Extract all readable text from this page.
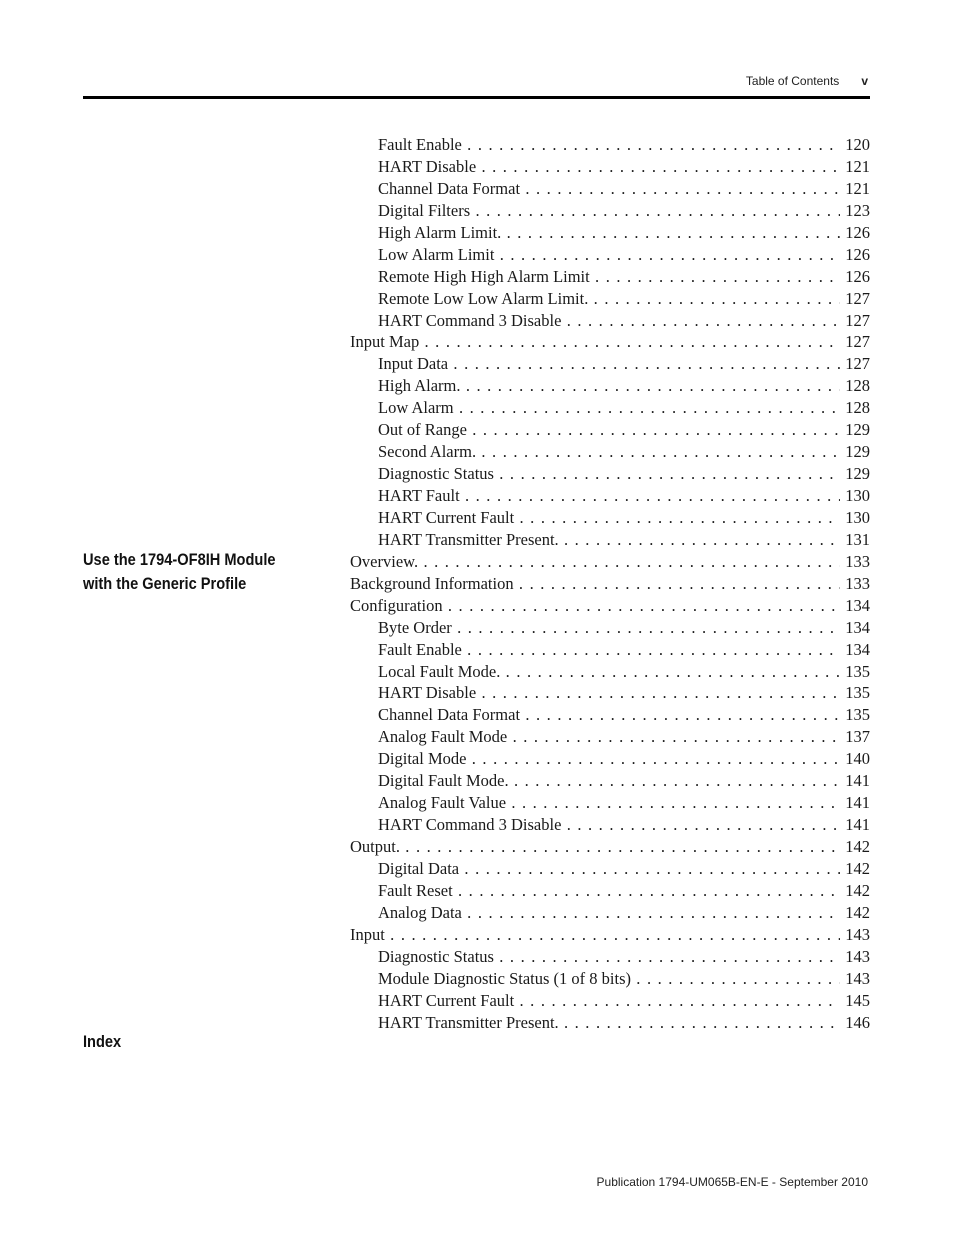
Table of Contents v
Use the 1794-OF8IH Module with the Generic Profile
Index
Fault Enable . . .	120
HART Disable . . .	121
Channel Data Format . . .	121
Digital Filters . . .	123
High Alarm Limit. . . .	126
Low Alarm Limit . . .	126
Remote High High Alarm Limit . . .	126
Remote Low Low Alarm Limit. . . .	127
HART Command 3 Disable . . .	127
Input Map . . .	127
Input Data . . .	127
High Alarm. . . .	128
Low Alarm . . .	128
Out of Range . . .	129
Second Alarm. . . .	129
Diagnostic Status . . .	129
HART Fault . . .	130
HART Current Fault . . .	130
HART Transmitter Present. . . .	131
Overview. . . .	133
Background Information . . .	133
Configuration . . .	134
Byte Order . . .	134
Fault Enable . . .	134
Local Fault Mode. . . .	135
HART Disable . . .	135
Channel Data Format . . .	135
Analog Fault Mode . . .	137
Digital Mode . . .	140
Digital Fault Mode. . . .	141
Analog Fault Value . . .	141
HART Command 3 Disable . . .	141
Output. . . .	142
Digital Data . . .	142
Fault Reset . . .	142
Analog Data . . .	142
Input . . .	143
Diagnostic Status . . .	143
Module Diagnostic Status (1 of 8 bits) . . .	143
HART Current Fault . . .	145
HART Transmitter Present. . . .	146
Publication 1794-UM065B-EN-E - September 2010
